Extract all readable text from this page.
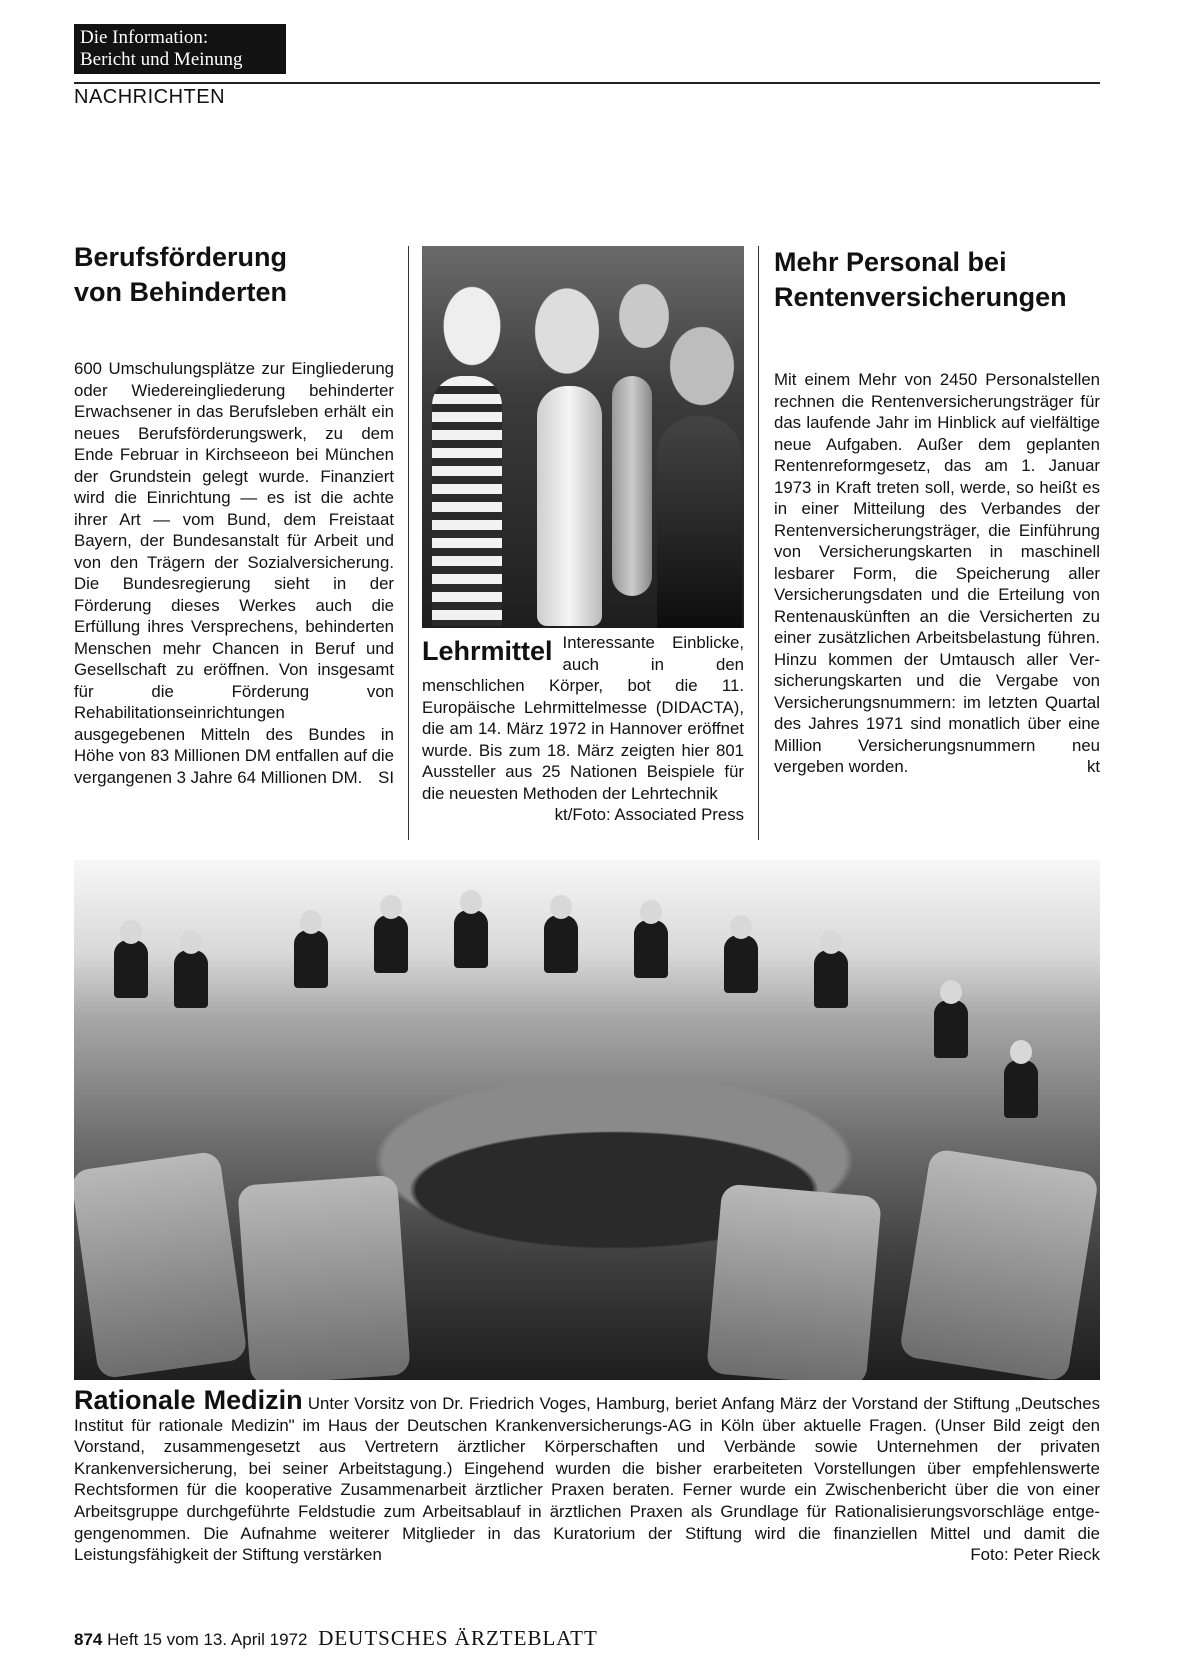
Die Information:
Bericht und Meinung
NACHRICHTEN
Berufsförderung
von Behinderten

600 Umschulungsplätze zur Eingliederung oder Wiedereingliederung behinderter Erwachsener in das Berufsleben erhält ein neues Berufsförderungswerk, zu dem Ende Februar in Kirchseeon bei München der Grundstein gelegt wurde. Finanziert wird die Einrichtung — es ist die achte ihrer Art — vom Bund, dem Freistaat Bayern, der Bundesanstalt für Arbeit und von den Trägern der Sozialversicherung. Die Bundesregierung sieht in der Förderung dieses Werkes auch die Erfüllung ihres Versprechens, behinderten Menschen mehr Chancen in Beruf und Gesellschaft zu eröffnen. Von insgesamt für die Förderung von Rehabilitationseinrichtungen ausgegebenen Mitteln des Bundes in Höhe von 83 Millionen DM entfallen auf die vergangenen 3 Jahre 64 Millionen DM. SI

Lehrmittel Interessante Einblicke, auch in den menschlichen Körper, bot die 11. Europäische Lehrmittelmesse (DIDACTA), die am 14. März 1972 in Hannover eröffnet wurde. Bis zum 18. März zeigten hier 801 Aussteller aus 25 Nationen Beispiele für die neuesten Methoden der Lehrtechnik
kt/Foto: Associated Press

Mehr Personal bei
Rentenversicherungen

Mit einem Mehr von 2450 Personalstellen rechnen die Rentenversicherungsträger für das laufende Jahr im Hinblick auf vielfältige neue Aufgaben. Außer dem geplanten Rentenreformgesetz, das am 1. Januar 1973 in Kraft treten soll, werde, so heißt es in einer Mitteilung des Verbandes der Rentenversicherungsträger, die Einführung von Versicherungskarten in maschinell lesbarer Form, die Speicherung aller Versicherungsdaten und die Erteilung von Rentenauskünften an die Versicherten zu einer zusätzlichen Arbeitsbelastung führen. Hinzu kommen der Umtausch aller Versicherungskarten und die Vergabe von Versicherungsnummern: im letzten Quartal des Jahres 1971 sind monatlich über eine Million Versicherungsnummern neu vergeben worden.	kt

Rationale Medizin Unter Vorsitz von Dr. Friedrich Voges, Hamburg, beriet Anfang März der Vorstand der Stiftung „Deutsches Institut für rationale Medizin" im Haus der Deutschen Krankenversicherungs-AG in Köln über aktuelle Fragen. (Unser Bild zeigt den Vorstand, zusammengesetzt aus Vertretern ärztlicher Körperschaften und Verbände sowie Unternehmen der privaten Krankenversicherung, bei seiner Arbeitstagung.) Eingehend wurden die bisher erarbeiteten Vorstellungen über empfehlenswerte Rechtsformen für die kooperative Zusammenarbeit ärztlicher Praxen beraten. Ferner wurde ein Zwischenbericht über die von einer Arbeitsgruppe durchgeführte Feldstudie zum Arbeitsablauf in ärztlichen Praxen als Grundlage für Rationalisierungsvorschläge entgegengenommen. Die Aufnahme weiterer Mitglieder in das Kuratorium der Stiftung wird die finanziellen Mittel und damit die Leistungsfähigkeit der Stiftung verstärken	Foto: Peter Rieck

874 Heft 15 vom 13. April 1972 DEUTSCHES ÄRZTEBLATT
